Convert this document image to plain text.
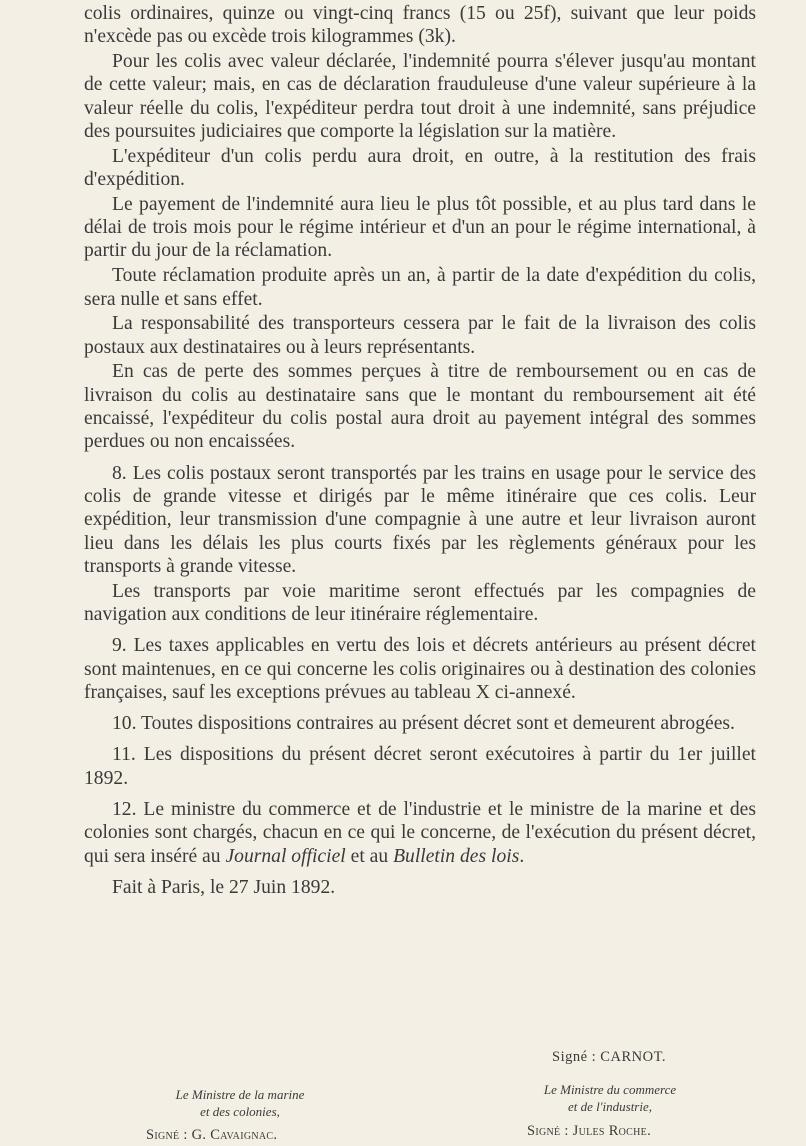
colis ordinaires, quinze ou vingt-cinq francs (15 ou 25f), suivant que leur poids n'excède pas ou excède trois kilogrammes (3k).

Pour les colis avec valeur déclarée, l'indemnité pourra s'élever jusqu'au montant de cette valeur; mais, en cas de déclaration frauduleuse d'une valeur supérieure à la valeur réelle du colis, l'expéditeur perdra tout droit à une indemnité, sans préjudice des poursuites judiciaires que comporte la législation sur la matière.

L'expéditeur d'un colis perdu aura droit, en outre, à la restitution des frais d'expédition.

Le payement de l'indemnité aura lieu le plus tôt possible, et au plus tard dans le délai de trois mois pour le régime intérieur et d'un an pour le régime international, à partir du jour de la réclamation.

Toute réclamation produite après un an, à partir de la date d'expédition du colis, sera nulle et sans effet.

La responsabilité des transporteurs cessera par le fait de la livraison des colis postaux aux destinataires ou à leurs représentants.

En cas de perte des sommes perçues à titre de remboursement ou en cas de livraison du colis au destinataire sans que le montant du remboursement ait été encaissé, l'expéditeur du colis postal aura droit au payement intégral des sommes perdues ou non encaissées.

8. Les colis postaux seront transportés par les trains en usage pour le service des colis de grande vitesse et dirigés par le même itinéraire que ces colis. Leur expédition, leur transmission d'une compagnie à une autre et leur livraison auront lieu dans les délais les plus courts fixés par les règlements généraux pour les transports à grande vitesse.

Les transports par voie maritime seront effectués par les compagnies de navigation aux conditions de leur itinéraire réglementaire.

9. Les taxes applicables en vertu des lois et décrets antérieurs au présent décret sont maintenues, en ce qui concerne les colis originaires ou à destination des colonies françaises, sauf les exceptions prévues au tableau X ci-annexé.

10. Toutes dispositions contraires au présent décret sont et demeurent abrogées.

11. Les dispositions du présent décret seront exécutoires à partir du 1er juillet 1892.

12. Le ministre du commerce et de l'industrie et le ministre de la marine et des colonies sont chargés, chacun en ce qui le concerne, de l'exécution du présent décret, qui sera inséré au Journal officiel et au Bulletin des lois.

Fait à Paris, le 27 Juin 1892.

Signé : CARNOT.
Le Ministre de la marine
et des colonies,
Signé : G. Cavaignac.
Le Ministre du commerce
et de l'industrie,
Signé : Jules Roche.
